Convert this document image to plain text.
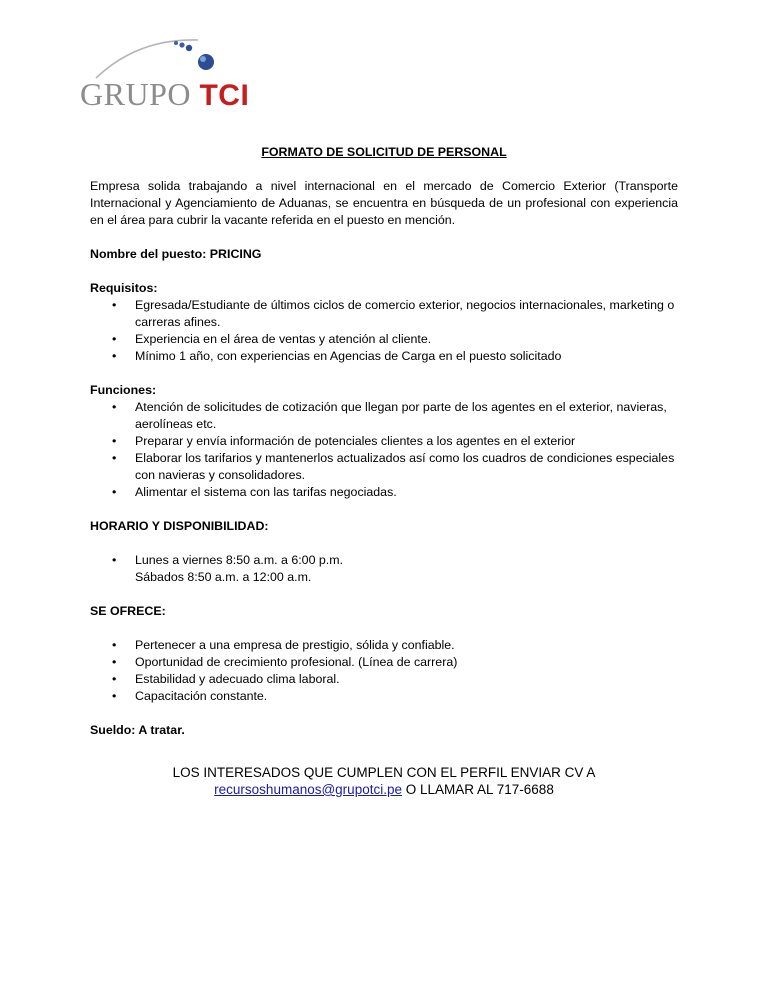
GRUPO TCI

FORMATO DE SOLICITUD DE PERSONAL

Empresa solida trabajando a nivel internacional en el mercado de Comercio Exterior (Transporte Internacional y Agenciamiento de Aduanas, se encuentra en búsqueda de un profesional con experiencia en el área para cubrir la vacante referida en el puesto en mención.

Nombre del puesto: PRICING

Requisitos:
• Egresada/Estudiante de últimos ciclos de comercio exterior, negocios internacionales, marketing o carreras afines.
• Experiencia en el área de ventas y atención al cliente.
• Mínimo 1 año, con experiencias en Agencias de Carga en el puesto solicitado
Funciones:
• Atención de solicitudes de cotización que llegan por parte de los agentes en el exterior, navieras, aerolíneas etc.
• Preparar y envía información de potenciales clientes a los agentes en el exterior
• Elaborar los tarifarios y mantenerlos actualizados así como los cuadros de condiciones especiales con navieras y consolidadores.
• Alimentar el sistema con las tarifas negociadas.
HORARIO Y DISPONIBILIDAD:
• Lunes a viernes 8:50 a.m. a 6:00 p.m.
Sábados 8:50 a.m. a 12:00 a.m.
SE OFRECE:
• Pertenecer a una empresa de prestigio, sólida y confiable.
• Oportunidad de crecimiento profesional. (Línea de carrera)
• Estabilidad y adecuado clima laboral.
• Capacitación constante.

Sueldo: A tratar.

LOS INTERESADOS QUE CUMPLEN CON EL PERFIL ENVIAR CV A
recursoshumanos@grupotci.pe O LLAMAR AL 717-6688
